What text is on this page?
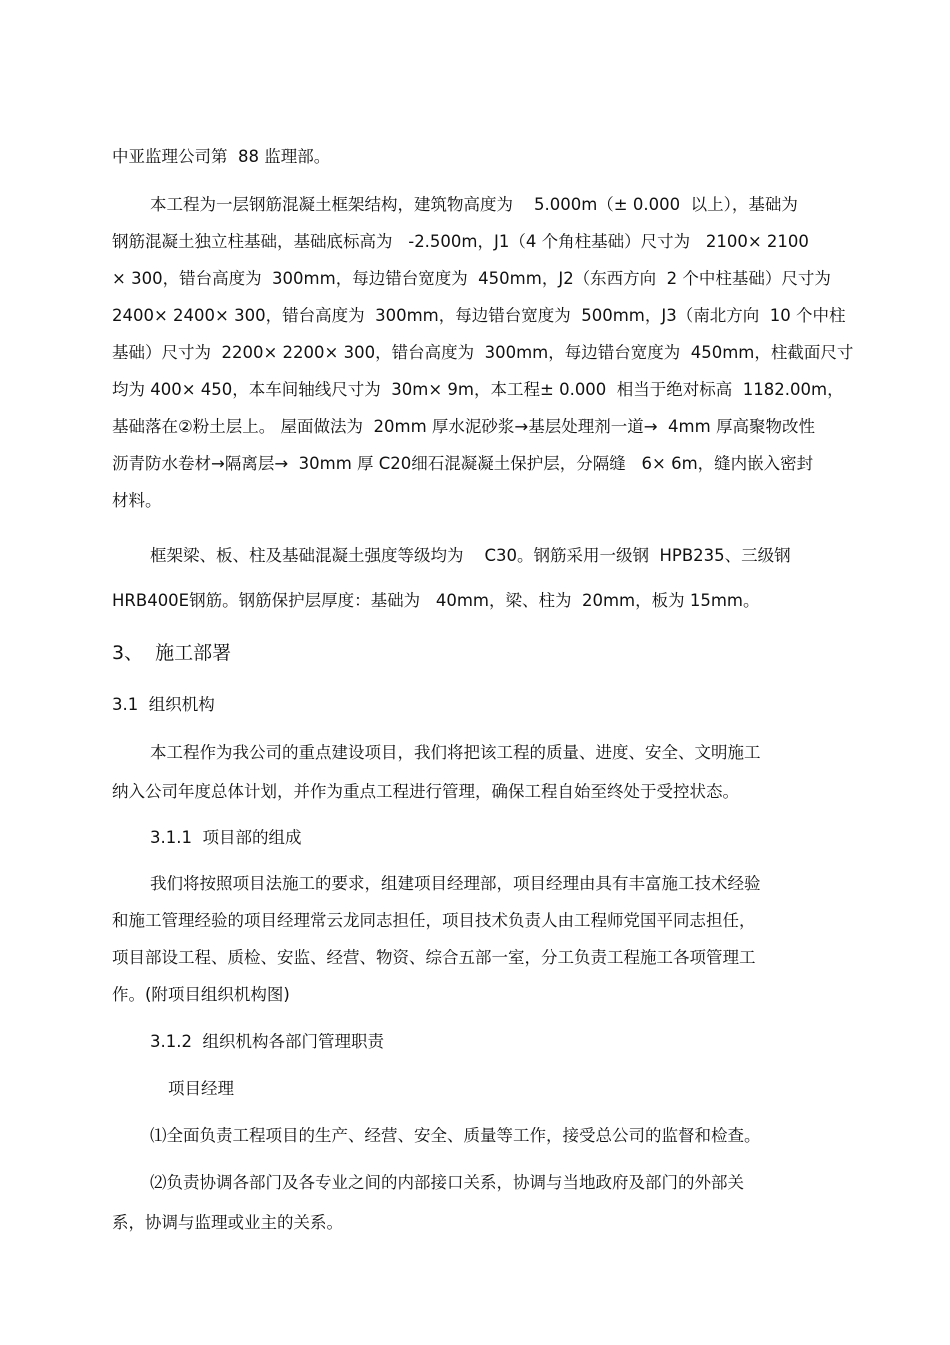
中亚监理公司第  88 监理部。
本工程为一层钢筋混凝土框架结构，建筑物高度为    5.000m（± 0.000  以上），基础为
钢筋混凝土独立柱基础，基础底标高为   -2.500m，J1（4 个角柱基础）尺寸为   2100× 2100
× 300，错台高度为  300mm，每边错台宽度为  450mm，J2（东西方向  2 个中柱基础）尺寸为
2400× 2400× 300，错台高度为  300mm，每边错台宽度为  500mm，J3（南北方向  10 个中柱
基础）尺寸为  2200× 2200× 300，错台高度为  300mm，每边错台宽度为  450mm，柱截面尺寸
均为 400× 450，本车间轴线尺寸为  30m× 9m，本工程± 0.000  相当于绝对标高  1182.00m，
基础落在②粉土层上。 屋面做法为  20mm 厚水泥砂浆→基层处理剂一道→  4mm 厚高聚物改性
沥青防水卷材→隔离层→  30mm 厚 C20细石混凝凝土保护层，分隔缝   6× 6m，缝内嵌入密封
材料。
框架梁、板、柱及基础混凝土强度等级均为    C30。钢筋采用一级钢  HPB235、三级钢
HRB400E钢筋。钢筋保护层厚度：基础为   40mm，梁、柱为  20mm，板为 15mm。
3、  施工部署
3.1  组织机构
本工程作为我公司的重点建设项目，我们将把该工程的质量、进度、安全、文明施工
纳入公司年度总体计划，并作为重点工程进行管理，确保工程自始至终处于受控状态。
3.1.1  项目部的组成
我们将按照项目法施工的要求，组建项目经理部，项目经理由具有丰富施工技术经验
和施工管理经验的项目经理常云龙同志担任，项目技术负责人由工程师党国平同志担任，
项目部设工程、质检、安监、经营、物资、综合五部一室，分工负责工程施工各项管理工
作。(附项目组织机构图)
3.1.2  组织机构各部门管理职责
项目经理
⑴全面负责工程项目的生产、经营、安全、质量等工作，接受总公司的监督和检查。
⑵负责协调各部门及各专业之间的内部接口关系，协调与当地政府及部门的外部关
系，协调与监理或业主的关系。
